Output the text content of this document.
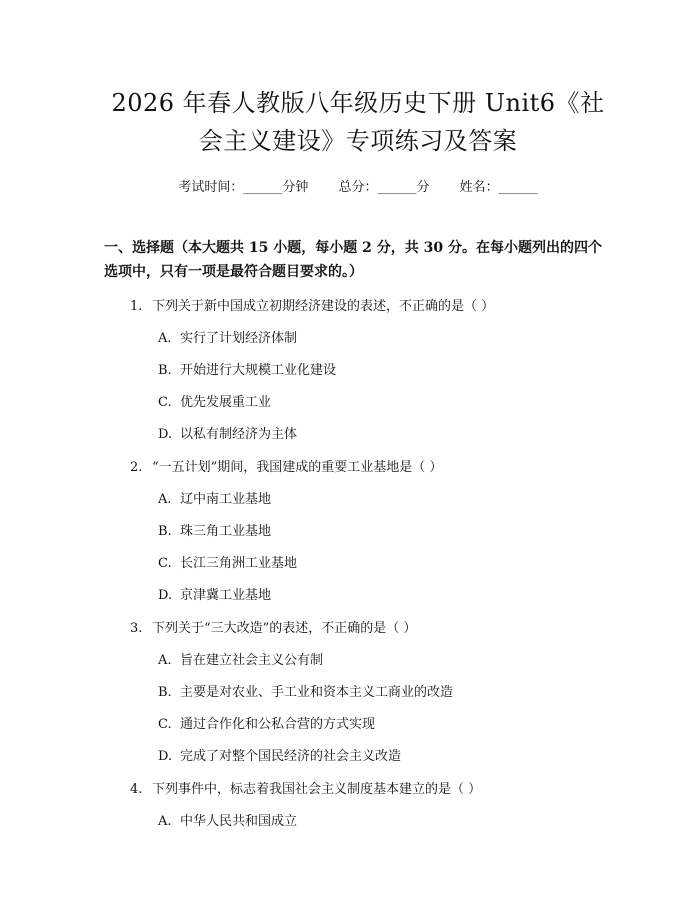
2026 年春人教版八年级历史下册 Unit6《社
会主义建设》专项练习及答案
考试时间：______分钟 总分：______分 姓名：______
一、选择题（本大题共 15 小题，每小题 2 分，共 30 分。在每小题列出的四个选项中，只有一项是最符合题目要求的。）
1. 下列关于新中国成立初期经济建设的表述，不正确的是（ ）
A. 实行了计划经济体制
B. 开始进行大规模工业化建设
C. 优先发展重工业
D. 以私有制经济为主体
2. “一五计划”期间，我国建成的重要工业基地是（ ）
A. 辽中南工业基地
B. 珠三角工业基地
C. 长江三角洲工业基地
D. 京津冀工业基地
3. 下列关于“三大改造”的表述，不正确的是（ ）
A. 旨在建立社会主义公有制
B. 主要是对农业、手工业和资本主义工商业的改造
C. 通过合作化和公私合营的方式实现
D. 完成了对整个国民经济的社会主义改造
4. 下列事件中，标志着我国社会主义制度基本建立的是（ ）
A. 中华人民共和国成立
